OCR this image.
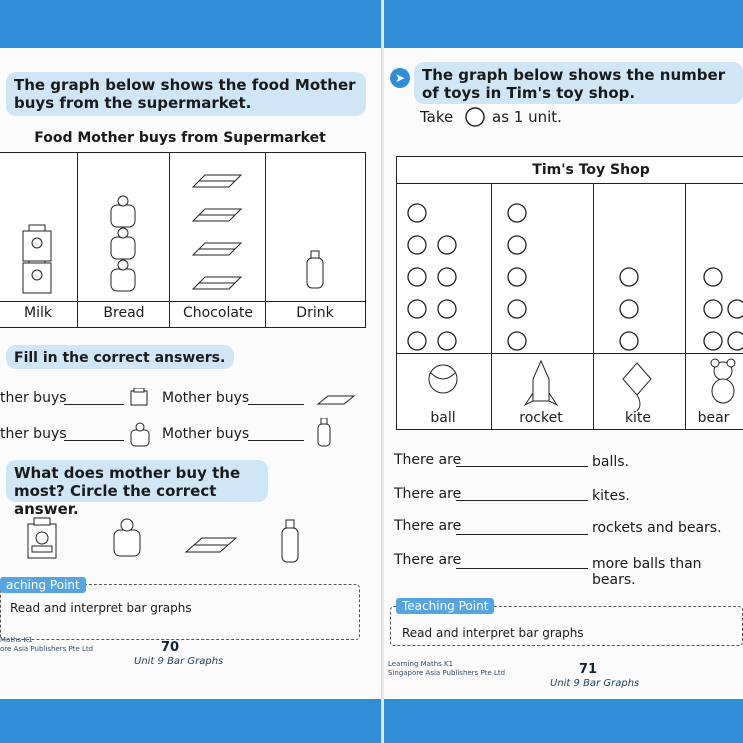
The graph below shows the food Mother buys from the supermarket.
Food Mother buys from Supermarket
Milk	Bread	Chocolate	Drink
Fill in the correct answers.
ther buys	Mother buys
ther buys	Mother buys
What does mother buy the most? Circle the correct answer.
aching Point
Read and interpret bar graphs
Maths K1
ore Asia Publishers Pte Ltd	70
Unit 9 Bar Graphs
➤	The graph below shows the number of toys in Tim's toy shop.
Take	as 1 unit.
Tim's Toy Shop
ball	rocket	kite	bear
There are	balls.
There are	kites.
There are	rockets and bears.
There are	more balls than bears.
Teaching Point
Read and interpret bar graphs
Learning Maths K1
Singapore Asia Publishers Pte Ltd	71
Unit 9 Bar Graphs
